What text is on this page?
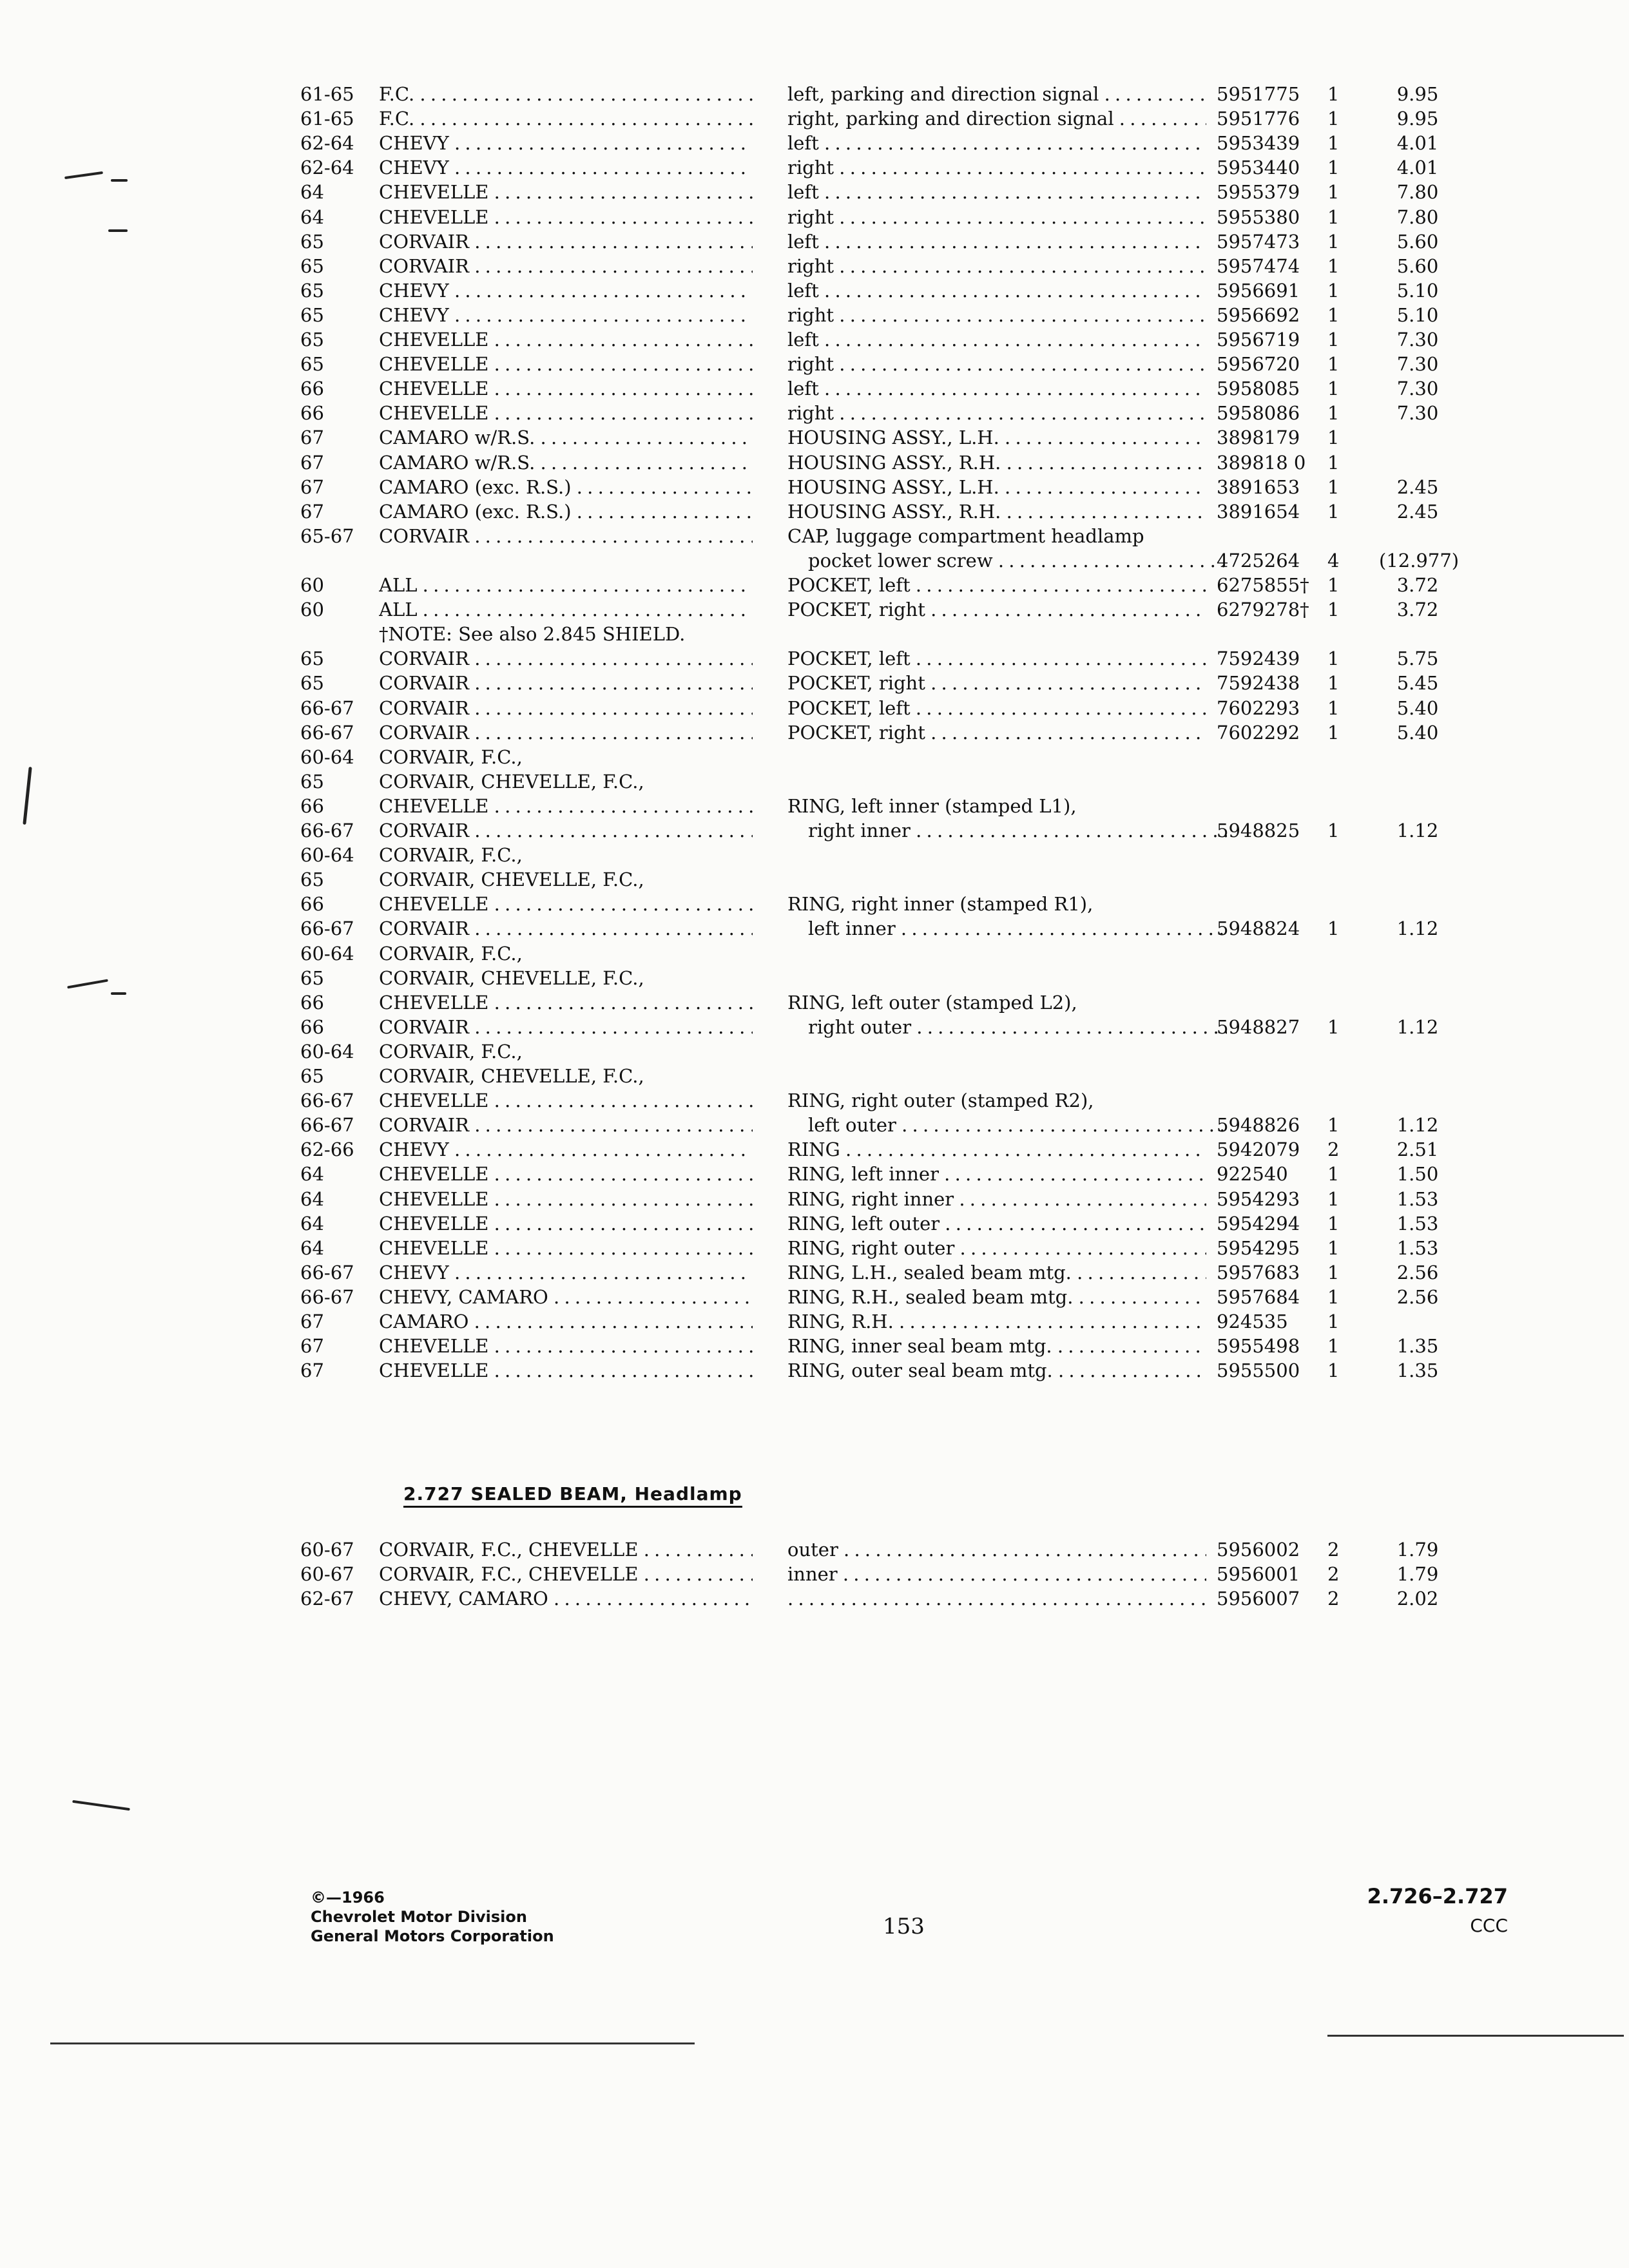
61-65 F.C. . . .	left, parking and direction signal . . .	5951775 1	9.95
61-65 F.C. . . .	right, parking and direction signal . . .	5951776 1	9.95
62-64 CHEVY . . .	left . . .	5953439 1	4.01
62-64 CHEVY . . .	right . . .	5953440 1	4.01
64	CHEVELLE . . .	left . . .	5955379 1	7.80
64	CHEVELLE . . .	right . . .	5955380 1	7.80
65	CORVAIR . . .	left . . .	5957473 1	5.60
65	CORVAIR . . .	right . . .	5957474 1	5.60
65	CHEVY . . .	left . . .	5956691 1	5.10
65	CHEVY . . .	right . . .	5956692 1	5.10
65	CHEVELLE . . .	left . . .	5956719 1	7.30
65	CHEVELLE . . .	right . . .	5956720 1	7.30
66	CHEVELLE . . .	left . . .	5958085 1	7.30
66	CHEVELLE . . .	right . . .	5958086 1	7.30
67	CAMARO w/R.S. . . .	HOUSING ASSY., L.H. . . .	3898179 1
67	CAMARO w/R.S. . . .	HOUSING ASSY., R.H. . . .	389818 0 1
67	CAMARO (exc. R.S.) . . .	HOUSING ASSY., L.H. . . .	3891653 1	2.45
67	CAMARO (exc. R.S.) . . .	HOUSING ASSY., R.H. . . .	3891654 1	2.45
65-67 CORVAIR . . .	CAP, luggage compartment headlamp
pocket lower screw . . .	4725264 4 (12.977)
60	ALL . . .	POCKET, left . . .	6275855† 1	3.72
60	ALL . . .	POCKET, right . . .	6279278† 1	3.72
†NOTE: See also 2.845 SHIELD.
65	CORVAIR . . .	POCKET, left . . .	7592439 1	5.75
65	CORVAIR . . .	POCKET, right . . .	7592438 1	5.45
66-67 CORVAIR . . .	POCKET, left . . .	7602293 1	5.40
66-67 CORVAIR . . .	POCKET, right . . .	7602292 1	5.40
60-64 CORVAIR, F.C.,
65	CORVAIR, CHEVELLE, F.C.,
66	CHEVELLE . . .	RING, left inner (stamped L1),
66-67 CORVAIR . . .	right inner . . .	5948825 1	1.12
60-64 CORVAIR, F.C.,
65	CORVAIR, CHEVELLE, F.C.,
66	CHEVELLE . . .	RING, right inner (stamped R1),
66-67 CORVAIR . . .	left inner . . .	5948824 1	1.12
60-64 CORVAIR, F.C.,
65	CORVAIR, CHEVELLE, F.C.,
66	CHEVELLE . . .	RING, left outer (stamped L2),
66	CORVAIR . . .	right outer . . .	5948827 1	1.12
60-64 CORVAIR, F.C.,
65	CORVAIR, CHEVELLE, F.C.,
66-67 CHEVELLE . . .	RING, right outer (stamped R2),
66-67 CORVAIR . . .	left outer . . .	5948826 1	1.12
62-66 CHEVY . . .	RING . . .	5942079 2	2.51
64	CHEVELLE . . .	RING, left inner . . .	922540 1	1.50
64	CHEVELLE . . .	RING, right inner . . .	5954293 1	1.53
64	CHEVELLE . . .	RING, left outer . . .	5954294 1	1.53
64	CHEVELLE . . .	RING, right outer . . .	5954295 1	1.53
66-67 CHEVY . . .	RING, L.H., sealed beam mtg. . . .	5957683 1	2.56
66-67 CHEVY, CAMARO . . .	RING, R.H., sealed beam mtg. . . .	5957684 1	2.56
67	CAMARO . . .	RING, R.H. . . .	924535 1
67	CHEVELLE . . .	RING, inner seal beam mtg. . . .	5955498 1	1.35
67	CHEVELLE . . .	RING, outer seal beam mtg. . . .	5955500 1	1.35
2.727 SEALED BEAM, Headlamp
60-67 CORVAIR, F.C., CHEVELLE . . .	outer . . .	5956002 2	1.79
60-67 CORVAIR, F.C., CHEVELLE . . .	inner . . .	5956001 2	1.79
62-67 CHEVY, CAMARO . . .
. . .	5956007 2	2.02
©—1966
Chevrolet Motor Division
General Motors Corporation	153
2.726–2.727
CCC
